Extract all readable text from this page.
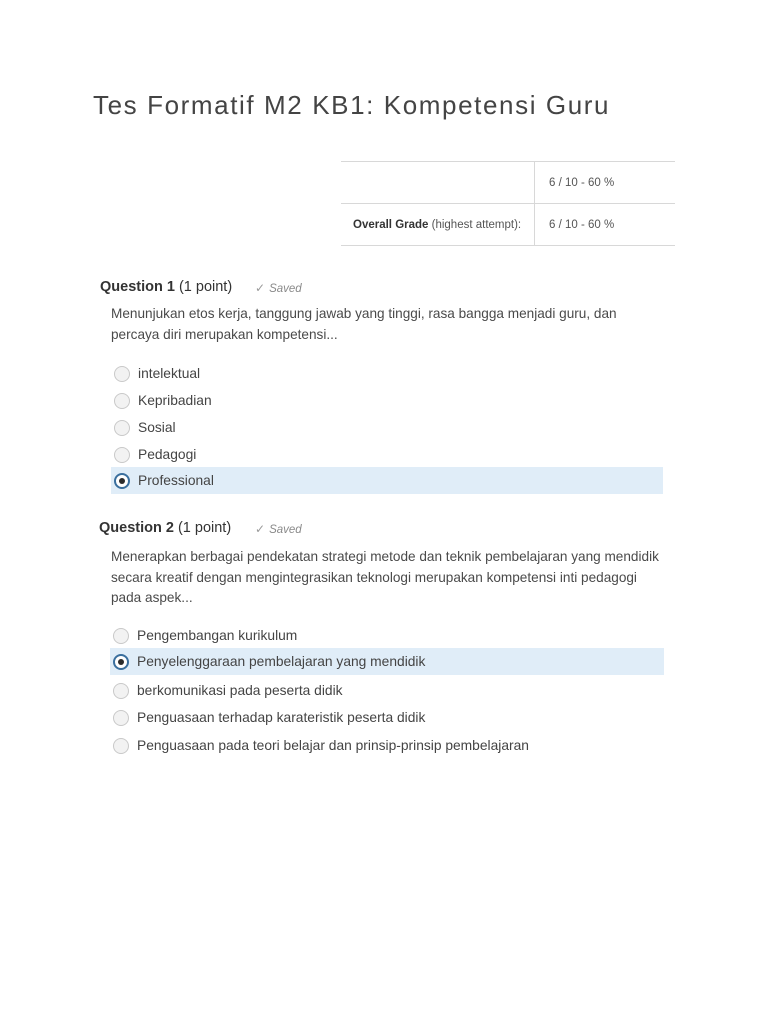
Tes Formatif M2 KB1: Kompetensi Guru
	6 / 10 - 60 %
Overall Grade (highest attempt):	6 / 10 - 60 %
Question 1 (1 point) ✓ Saved

Menunjukan etos kerja, tanggung jawab yang tinggi, rasa bangga menjadi guru, dan percaya diri merupakan kompetensi...

intelektual
Kepribadian
Sosial
Pedagogi
Professional
Question 2 (1 point) ✓ Saved

Menerapkan berbagai pendekatan strategi metode dan teknik pembelajaran yang mendidik secara kreatif dengan mengintegrasikan teknologi merupakan kompetensi inti pedagogi pada aspek...

Pengembangan kurikulum
Penyelenggaraan pembelajaran yang mendidik
berkomunikasi pada peserta didik
Penguasaan terhadap karateristik peserta didik
Penguasaan pada teori belajar dan prinsip-prinsip pembelajaran
